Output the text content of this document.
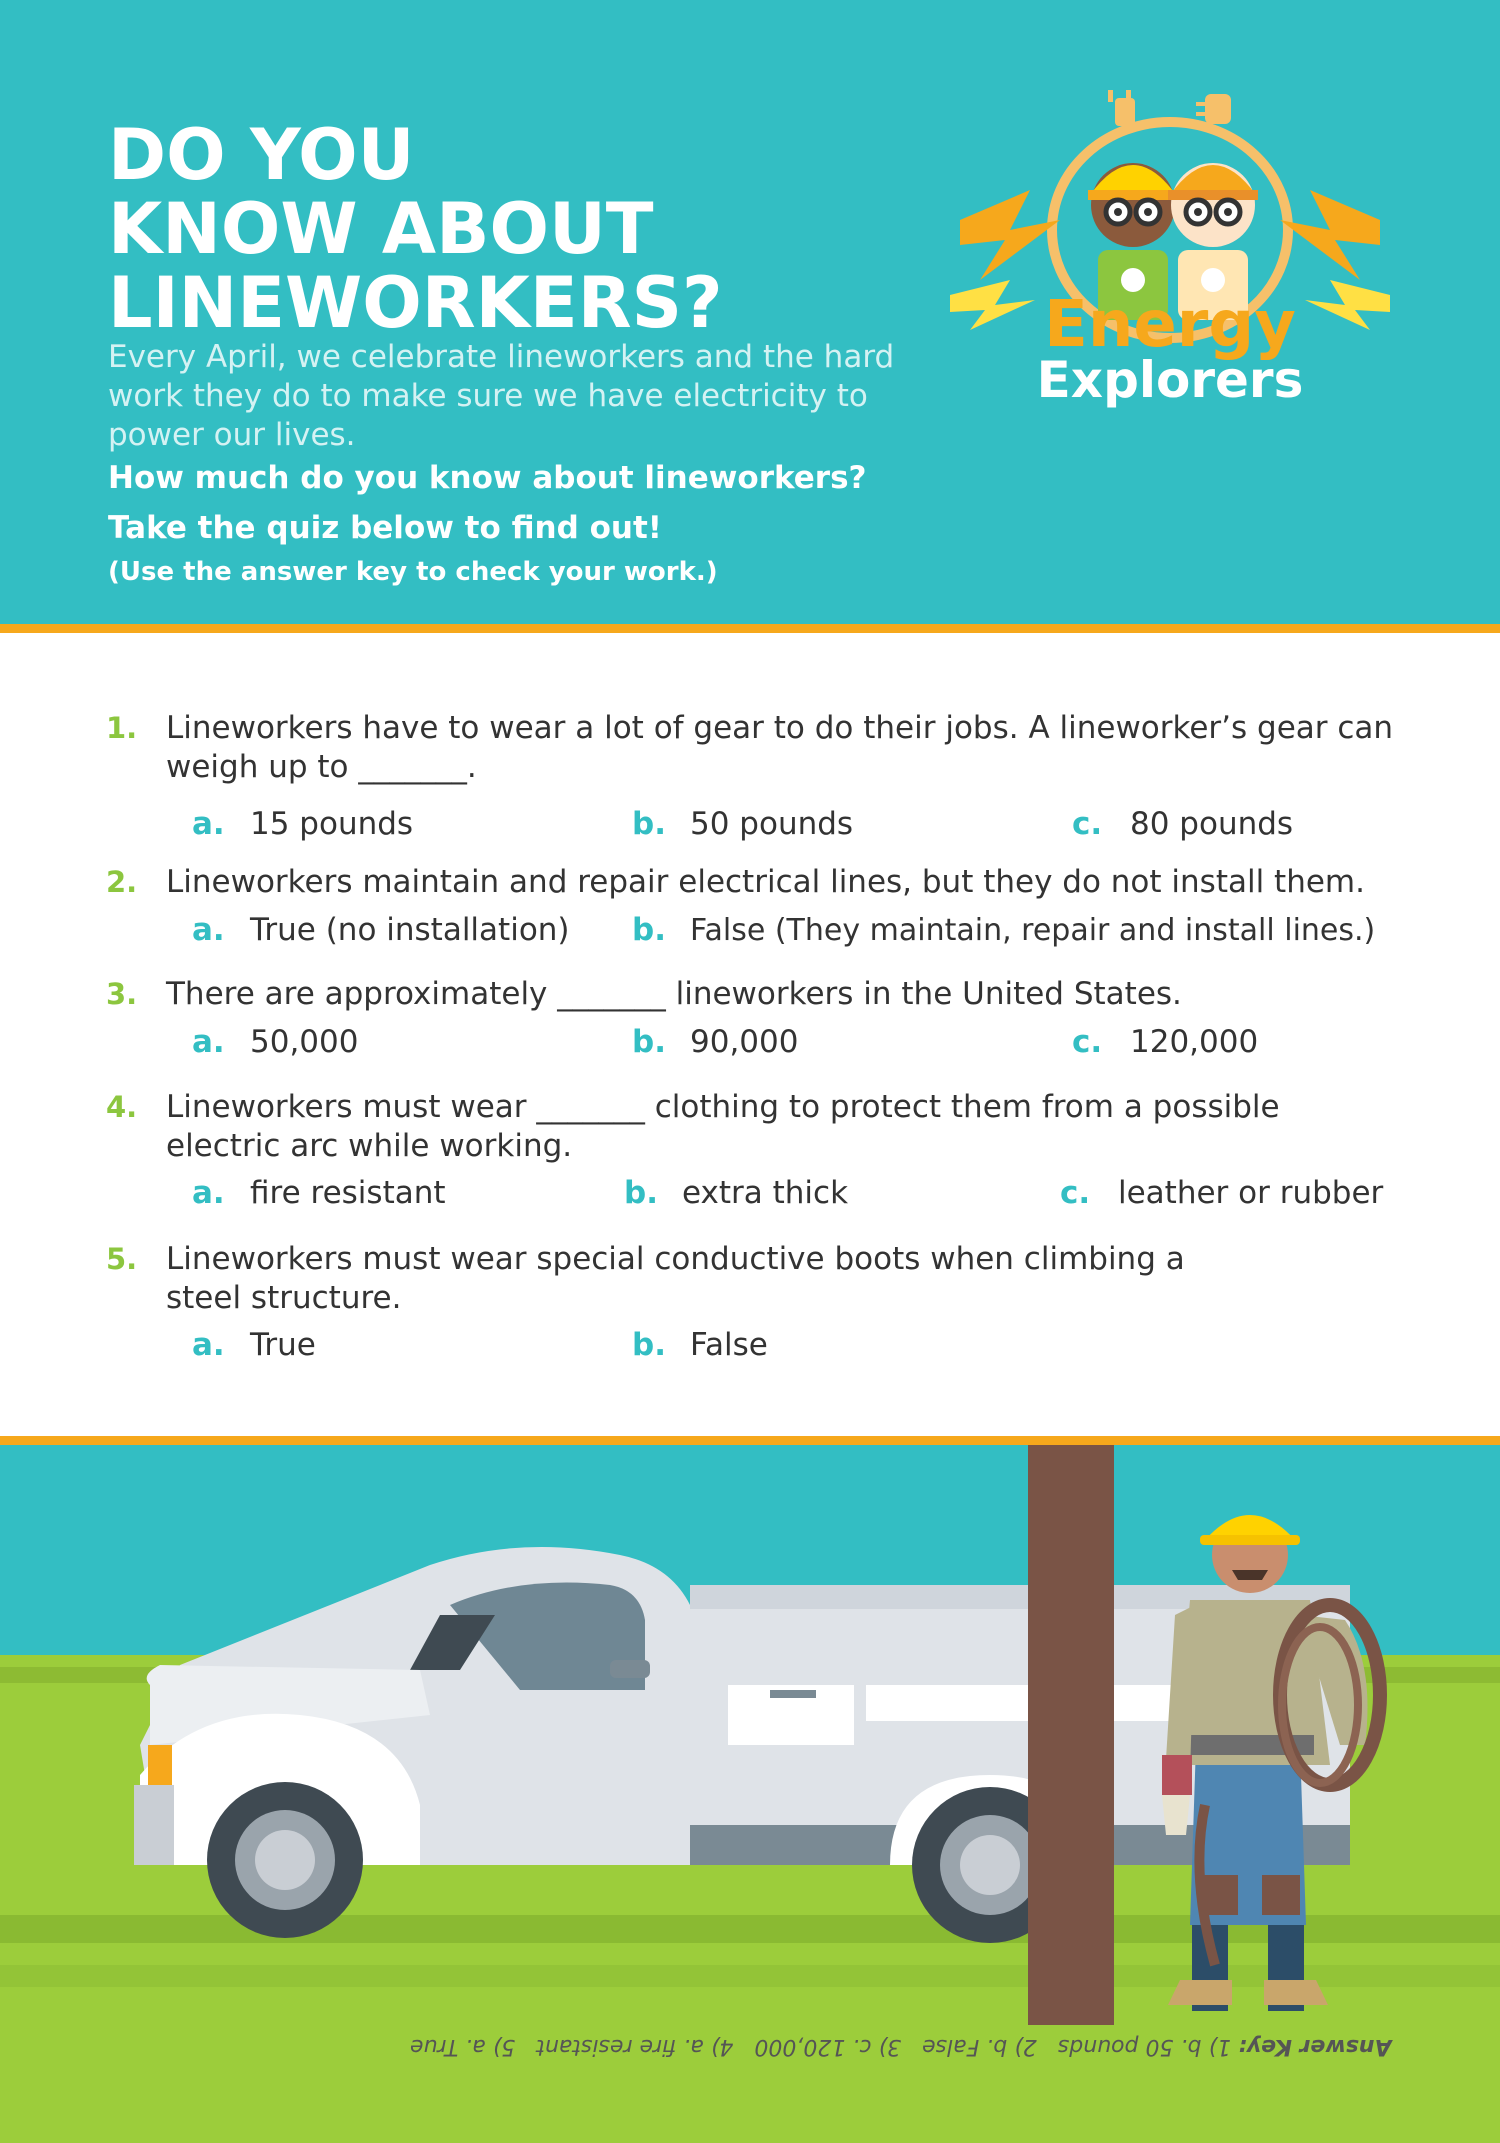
DO YOU
KNOW ABOUT
LINEWORKERS?

Every April, we celebrate lineworkers and the hard work they do to make sure we have electricity to power our lives.

How much do you know about lineworkers?

Take the quiz below to find out!

(Use the answer key to check your work.)

Energy
Explorers
1. Lineworkers have to wear a lot of gear to do their jobs. A lineworker’s gear can weigh up to _______.
a. 15 pounds	b. 50 pounds	c. 80 pounds
2. Lineworkers maintain and repair electrical lines, but they do not install them.
a. True (no installation) b. False (They maintain, repair and install lines.)
3. There are approximately _______ lineworkers in the United States.
a. 50,000	b. 90,000	c. 120,000
4. Lineworkers must wear _______ clothing to protect them from a possible electric arc while working.
a. fire resistant	b. extra thick	c. leather or rubber
5. Lineworkers must wear special conductive boots when climbing a steel structure.
a. True	b. False
Answer Key: 1) b. 50 pounds   2) b. False   3) c. 120,000   4) a. fire resistant   5) a. True
